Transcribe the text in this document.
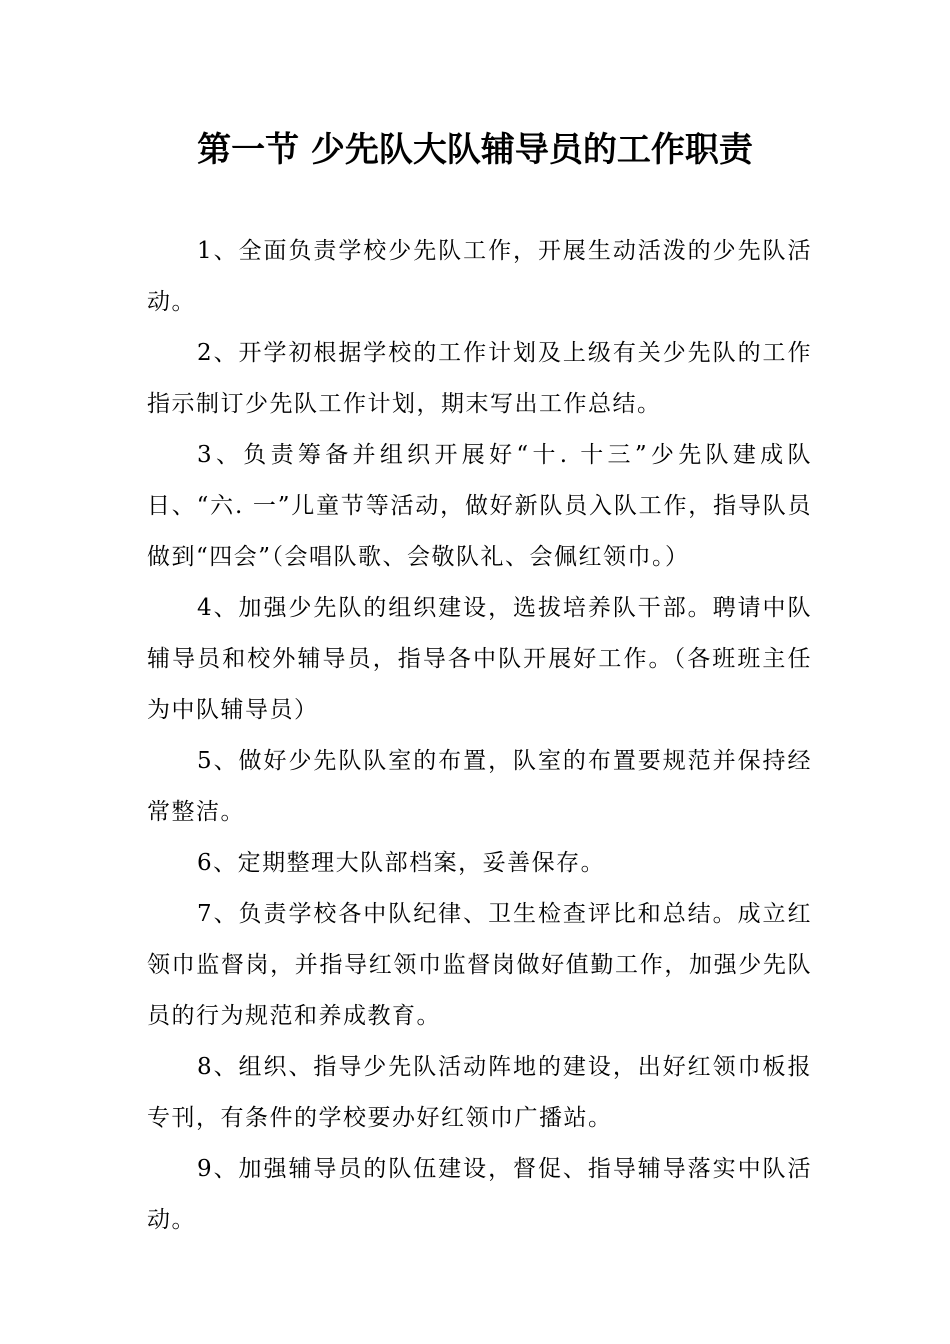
第一节 少先队大队辅导员的工作职责

1、全面负责学校少先队工作，开展生动活泼的少先队活动。

2、开学初根据学校的工作计划及上级有关少先队的工作指示制订少先队工作计划，期末写出工作总结。

3、负责筹备并组织开展好“十. 十三”少先队建成队日、“六. 一”儿童节等活动，做好新队员入队工作，指导队员做到“四会”（会唱队歌、会敬队礼、会佩红领巾。）

4、加强少先队的组织建设，选拔培养队干部。聘请中队辅导员和校外辅导员，指导各中队开展好工作。（各班班主任为中队辅导员）

5、做好少先队队室的布置，队室的布置要规范并保持经常整洁。

6、定期整理大队部档案，妥善保存。

7、负责学校各中队纪律、卫生检查评比和总结。成立红领巾监督岗，并指导红领巾监督岗做好值勤工作，加强少先队员的行为规范和养成教育。

8、组织、指导少先队活动阵地的建设，出好红领巾板报专刊，有条件的学校要办好红领巾广播站。

9、加强辅导员的队伍建设，督促、指导辅导落实中队活动。
